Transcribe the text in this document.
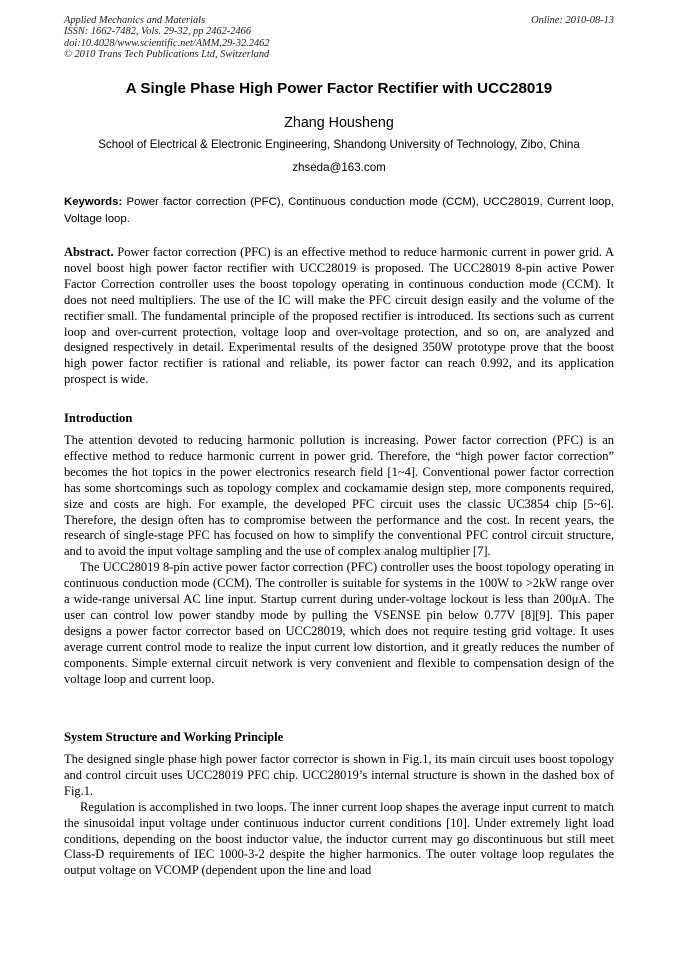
Applied Mechanics and Materials
ISSN: 1662-7482, Vols. 29-32, pp 2462-2466
doi:10.4028/www.scientific.net/AMM.29-32.2462
© 2010 Trans Tech Publications Ltd, Switzerland
Online: 2010-08-13
A Single Phase High Power Factor Rectifier with UCC28019
Zhang Housheng
School of Electrical & Electronic Engineering, Shandong University of Technology, Zibo, China
zhseda@163.com
Keywords: Power factor correction (PFC), Continuous conduction mode (CCM), UCC28019, Current loop, Voltage loop.

Abstract. Power factor correction (PFC) is an effective method to reduce harmonic current in power grid. A novel boost high power factor rectifier with UCC28019 is proposed. The UCC28019 8-pin active Power Factor Correction controller uses the boost topology operating in continuous conduction mode (CCM). It does not need multipliers. The use of the IC will make the PFC circuit design easily and the volume of the rectifier small. The fundamental principle of the proposed rectifier is introduced. Its sections such as current loop and over-current protection, voltage loop and over-voltage protection, and so on, are analyzed and designed respectively in detail. Experimental results of the designed 350W prototype prove that the boost high power factor rectifier is rational and reliable, its power factor can reach 0.992, and its application prospect is wide.

Introduction

The attention devoted to reducing harmonic pollution is increasing. Power factor correction (PFC) is an effective method to reduce harmonic current in power grid. Therefore, the “high power factor correction” becomes the hot topics in the power electronics research field [1~4]. Conventional power factor correction has some shortcomings such as topology complex and cockamamie design step, more components required, size and costs are high. For example, the developed PFC circuit uses the classic UC3854 chip [5~6]. Therefore, the design often has to compromise between the performance and the cost. In recent years, the research of single-stage PFC has focused on how to simplify the conventional PFC control circuit structure, and to avoid the input voltage sampling and the use of complex analog multiplier [7].

The UCC28019 8-pin active power factor correction (PFC) controller uses the boost topology operating in continuous conduction mode (CCM). The controller is suitable for systems in the 100W to >2kW range over a wide-range universal AC line input. Startup current during under-voltage lockout is less than 200μA. The user can control low power standby mode by pulling the VSENSE pin below 0.77V [8][9]. This paper designs a power factor corrector based on UCC28019, which does not require testing grid voltage. It uses average current control mode to realize the input current low distortion, and it greatly reduces the number of components. Simple external circuit network is very convenient and flexible to compensation design of the voltage loop and current loop.

System Structure and Working Principle

The designed single phase high power factor corrector is shown in Fig.1, its main circuit uses boost topology and control circuit uses UCC28019 PFC chip. UCC28019’s internal structure is shown in the dashed box of Fig.1.

Regulation is accomplished in two loops. The inner current loop shapes the average input current to match the sinusoidal input voltage under continuous inductor current conditions [10]. Under extremely light load conditions, depending on the boost inductor value, the inductor current may go discontinuous but still meet Class-D requirements of IEC 1000-3-2 despite the higher harmonics. The outer voltage loop regulates the output voltage on VCOMP (dependent upon the line and load
